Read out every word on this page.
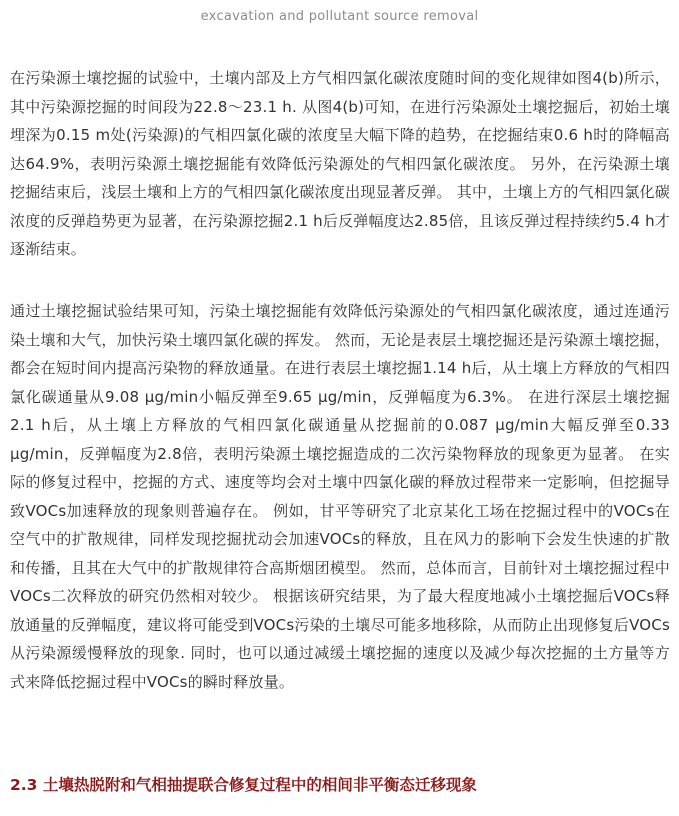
excavation and pollutant source removal

在污染源土壤挖掘的试验中，土壤内部及上方气相四氯化碳浓度随时间的变化规律如图4(b)所示，其中污染源挖掘的时间段为22.8～23.1 h. 从图4(b)可知，在进行污染源处土壤挖掘后，初始土壤埋深为0.15 m处(污染源)的气相四氯化碳的浓度呈大幅下降的趋势，在挖掘结束0.6 h时的降幅高达64.9%，表明污染源土壤挖掘能有效降低污染源处的气相四氯化碳浓度。 另外，在污染源土壤挖掘结束后，浅层土壤和上方的气相四氯化碳浓度出现显著反弹。 其中，土壤上方的气相四氯化碳浓度的反弹趋势更为显著，在污染源挖掘2.1 h后反弹幅度达2.85倍，且该反弹过程持续约5.4 h才逐渐结束。

通过土壤挖掘试验结果可知，污染土壤挖掘能有效降低污染源处的气相四氯化碳浓度，通过连通污染土壤和大气，加快污染土壤四氯化碳的挥发。 然而，无论是表层土壤挖掘还是污染源土壤挖掘，都会在短时间内提高污染物的释放通量。在进行表层土壤挖掘1.14 h后，从土壤上方释放的气相四氯化碳通量从9.08 μg/min小幅反弹至9.65 μg/min，反弹幅度为6.3%。 在进行深层土壤挖掘2.1 h后，从土壤上方释放的气相四氯化碳通量从挖掘前的0.087 μg/min大幅反弹至0.33 μg/min，反弹幅度为2.8倍，表明污染源土壤挖掘造成的二次污染物释放的现象更为显著。 在实际的修复过程中，挖掘的方式、速度等均会对土壤中四氯化碳的释放过程带来一定影响，但挖掘导致VOCs加速释放的现象则普遍存在。 例如，甘平等研究了北京某化工场在挖掘过程中的VOCs在空气中的扩散规律，同样发现挖掘扰动会加速VOCs的释放，且在风力的影响下会发生快速的扩散和传播，且其在大气中的扩散规律符合高斯烟团模型。 然而，总体而言，目前针对土壤挖掘过程中VOCs二次释放的研究仍然相对较少。 根据该研究结果，为了最大程度地减小土壤挖掘后VOCs释放通量的反弹幅度，建议将可能受到VOCs污染的土壤尽可能多地移除，从而防止出现修复后VOCs从污染源缓慢释放的现象. 同时，也可以通过减缓土壤挖掘的速度以及减少每次挖掘的土方量等方式来降低挖掘过程中VOCs的瞬时释放量。

2.3 土壤热脱附和气相抽提联合修复过程中的相间非平衡态迁移现象
